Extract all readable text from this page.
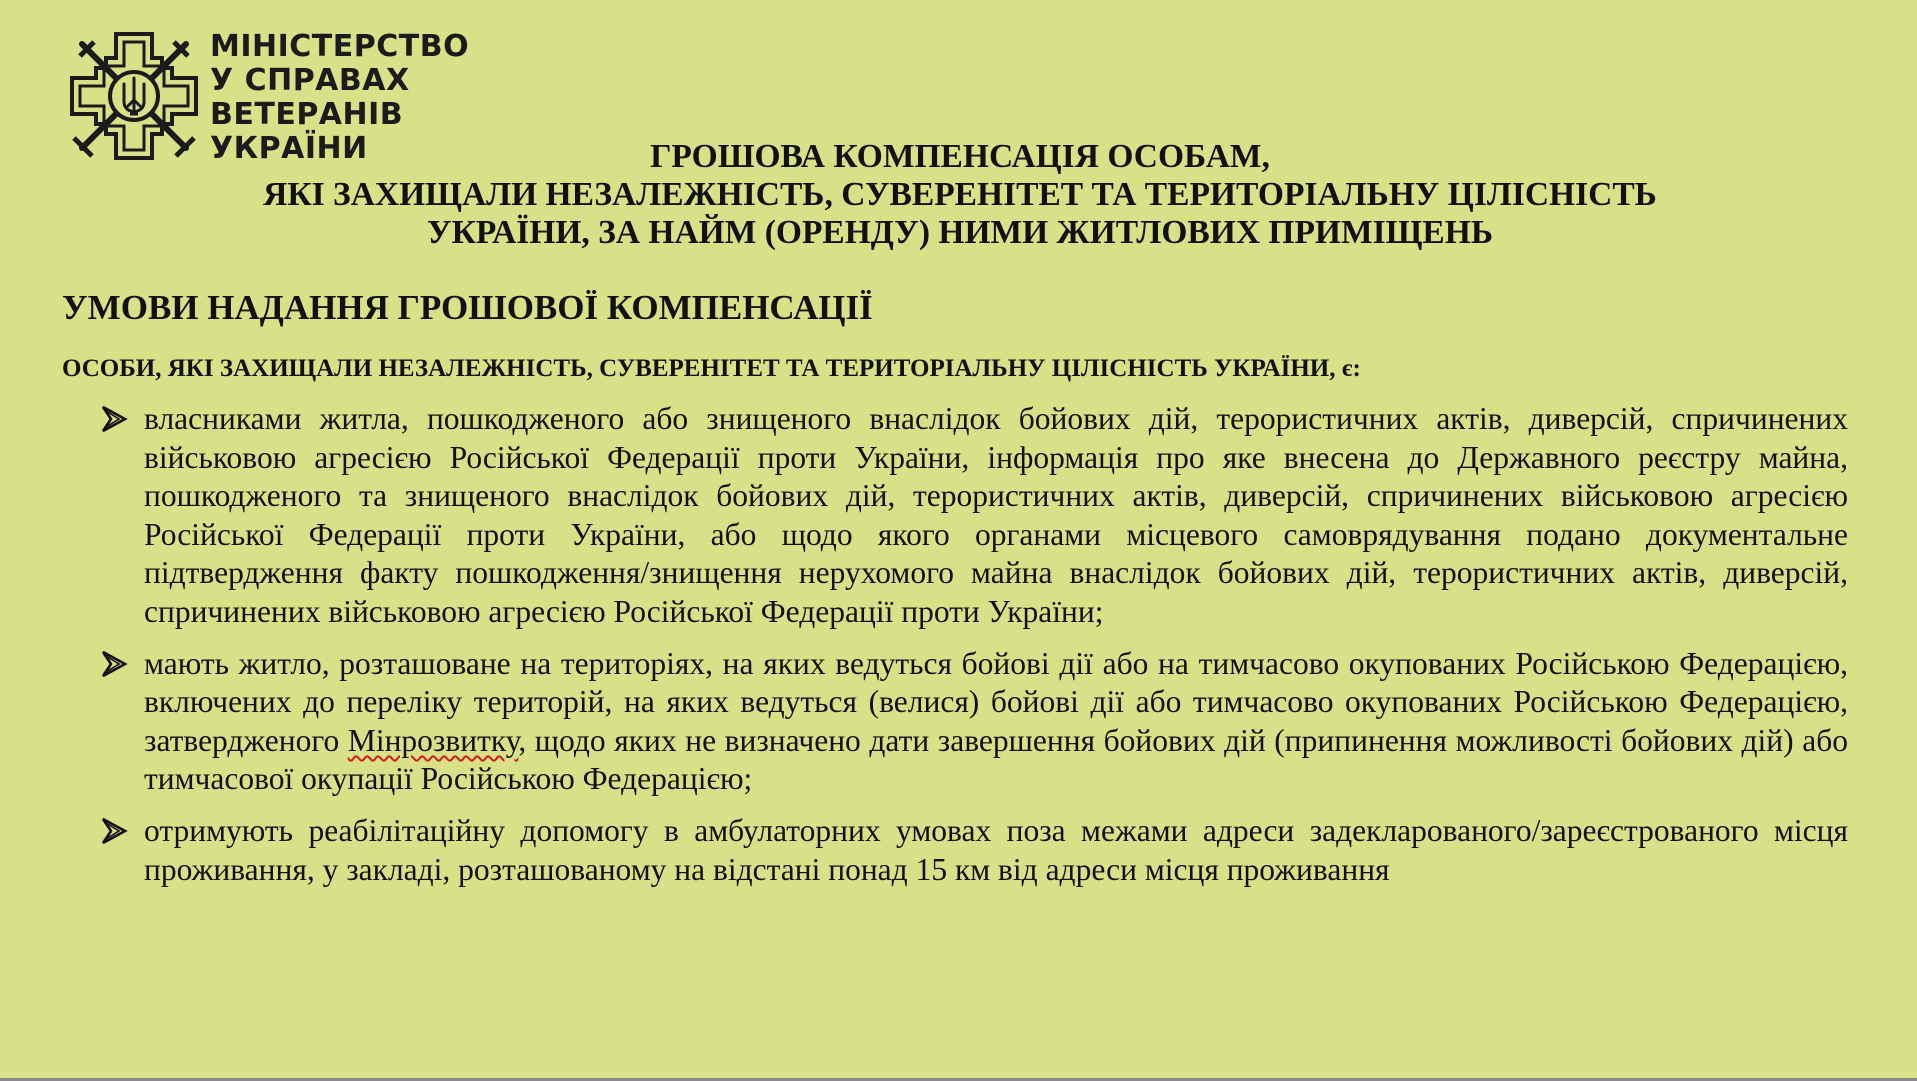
МІНІСТЕРСТВО
У СПРАВАХ
ВЕТЕРАНІВ
УКРАЇНИ	ГРОШОВА КОМПЕНСАЦІЯ ОСОБАМ,
ЯКІ ЗАХИЩАЛИ НЕЗАЛЕЖНІСТЬ, СУВЕРЕНІТЕТ ТА ТЕРИТОРІАЛЬНУ ЦІЛІСНІСТЬ
УКРАЇНИ, ЗА НАЙМ (ОРЕНДУ) НИМИ ЖИТЛОВИХ ПРИМІЩЕНЬ
УМОВИ НАДАННЯ ГРОШОВОЇ КОМПЕНСАЦІЇ
ОСОБИ, ЯКІ ЗАХИЩАЛИ НЕЗАЛЕЖНІСТЬ, СУВЕРЕНІТЕТ ТА ТЕРИТОРІАЛЬНУ ЦІЛІСНІСТЬ УКРАЇНИ, є:
власниками житла, пошкодженого або знищеного внаслідок бойових дій, терористичних актів, диверсій, спричинених військовою агресією Російської Федерації проти України, інформація про яке внесена до Державного реєстру майна, пошкодженого та знищеного внаслідок бойових дій, терористичних актів, диверсій, спричинених військовою агресією Російської Федерації проти України, або щодо якого органами місцевого самоврядування подано документальне підтвердження факту пошкодження/знищення нерухомого майна внаслідок бойових дій, терористичних актів, диверсій, спричинених військовою агресією Російської Федерації проти України;
мають житло, розташоване на територіях, на яких ведуться бойові дії або на тимчасово окупованих Російською Федерацією, включених до переліку територій, на яких ведуться (велися) бойові дії або тимчасово окупованих Російською Федерацією, затвердженого Мінрозвитку, щодо яких не визначено дати завершення бойових дій (припинення можливості бойових дій) або тимчасової окупації Російською Федерацією;
отримують реабілітаційну допомогу в амбулаторних умовах поза межами адреси задекларованого/зареєстрованого місця проживання, у закладі, розташованому на відстані понад 15 км від адреси місця проживання
